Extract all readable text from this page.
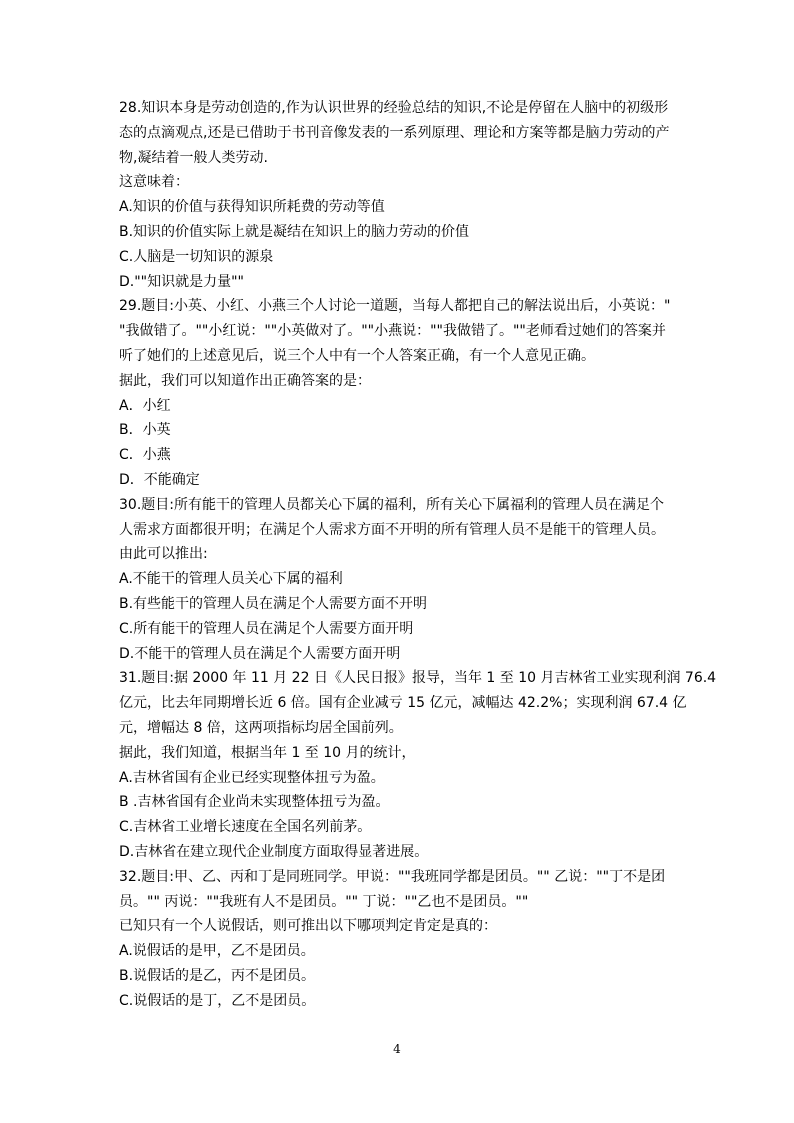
28.知识本身是劳动创造的,作为认识世界的经验总结的知识,不论是停留在人脑中的初级形
态的点滴观点,还是已借助于书刊音像发表的一系列原理、理论和方案等都是脑力劳动的产
物,凝结着一般人类劳动.
这意味着：
A.知识的价值与获得知识所耗费的劳动等值
B.知识的价值实际上就是凝结在知识上的脑力劳动的价值
C.人脑是一切知识的源泉
D.""知识就是力量""
29.题目:小英、小红、小燕三个人讨论一道题，当每人都把自己的解法说出后，小英说："
"我做错了。""小红说：""小英做对了。""小燕说：""我做错了。""老师看过她们的答案并
听了她们的上述意见后，说三个人中有一个人答案正确，有一个人意见正确。
据此，我们可以知道作出正确答案的是：
A．小红
B．小英
C．小燕
D．不能确定
30.题目:所有能干的管理人员都关心下属的福利，所有关心下属福利的管理人员在满足个
人需求方面都很开明；在满足个人需求方面不开明的所有管理人员不是能干的管理人员。
由此可以推出:
A.不能干的管理人员关心下属的福利
B.有些能干的管理人员在满足个人需要方面不开明
C.所有能干的管理人员在满足个人需要方面开明
D.不能干的管理人员在满足个人需要方面开明
31.题目:据 2000 年 11 月 22 日《人民日报》报导，当年 1 至 10 月吉林省工业实现利润 76.4
亿元，比去年同期增长近 6 倍。国有企业减亏 15 亿元，减幅达 42.2%；实现利润 67.4 亿
元，增幅达 8 倍，这两项指标均居全国前列。
据此，我们知道，根据当年 1 至 10 月的统计，
A.吉林省国有企业已经实现整体扭亏为盈。
B .吉林省国有企业尚未实现整体扭亏为盈。
C.吉林省工业增长速度在全国名列前茅。
D.吉林省在建立现代企业制度方面取得显著进展。
32.题目:甲、乙、丙和丁是同班同学。甲说：""我班同学都是团员。"" 乙说：""丁不是团
员。"" 丙说：""我班有人不是团员。"" 丁说：""乙也不是团员。""
已知只有一个人说假话，则可推出以下哪项判定肯定是真的：
A.说假话的是甲，乙不是团员。
B.说假话的是乙，丙不是团员。
C.说假话的是丁，乙不是团员。
4
